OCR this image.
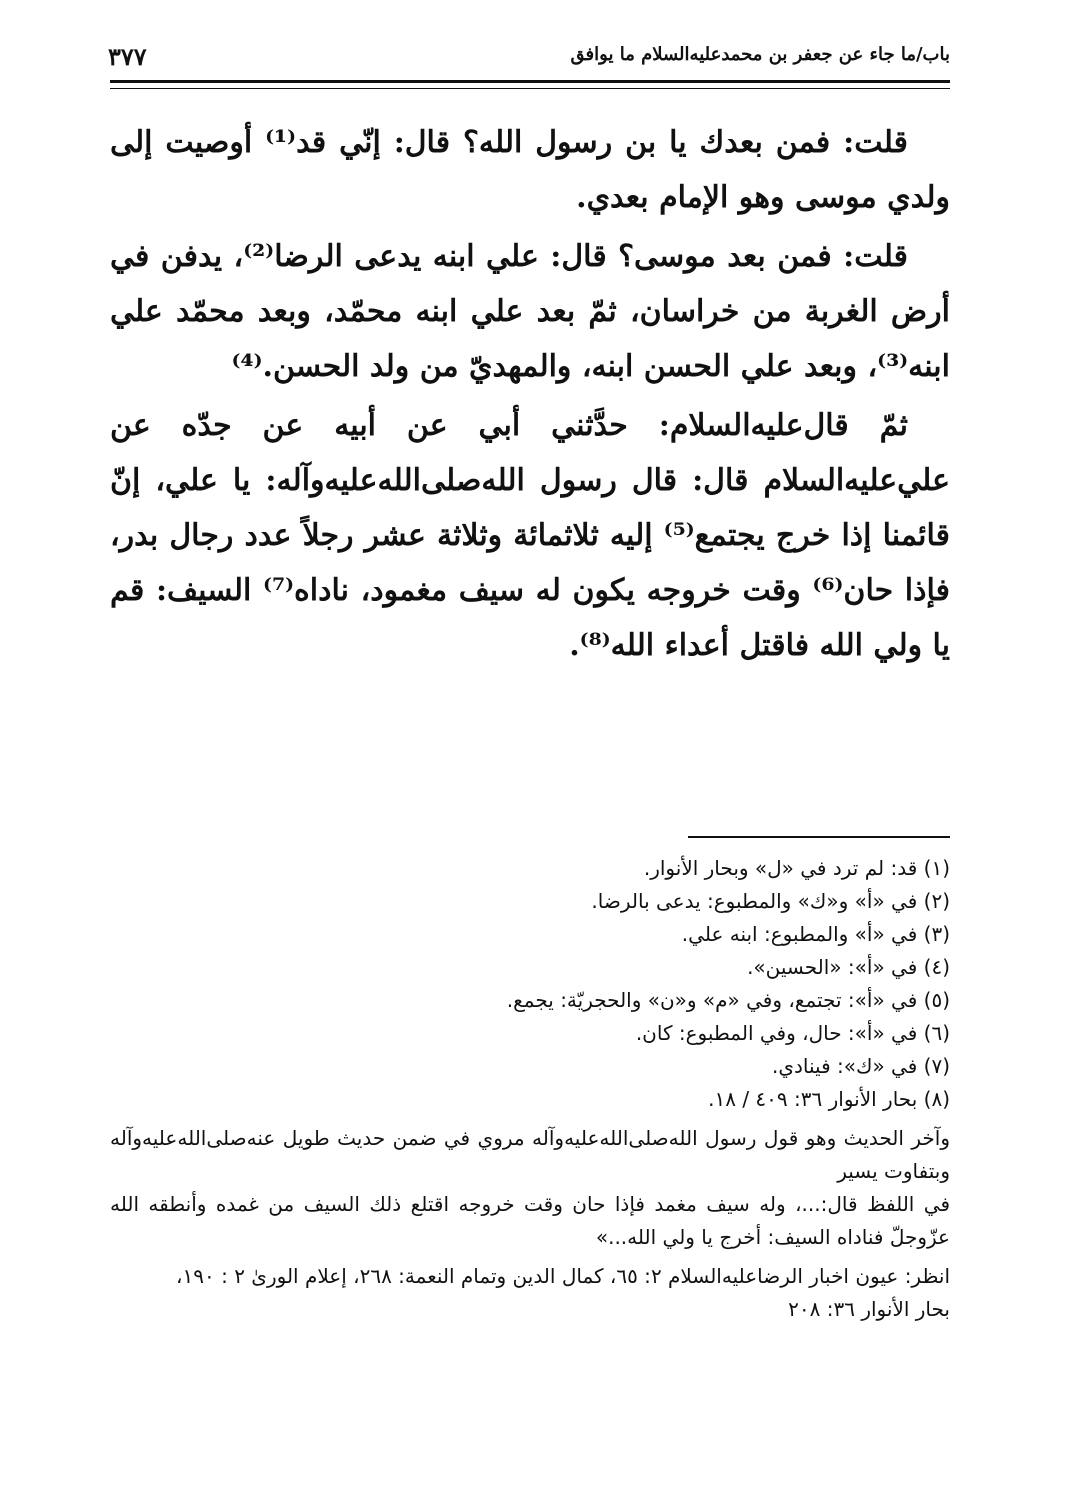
باب/ما جاء عن جعفر بن محمدعليه‌السلام ما يوافق
٣٧٧

قلت: فمن بعدك يا بن رسول الله؟ قال: إنّي قد⁽¹⁾ أوصيت إلى ولدي موسى وهو الإمام بعدي.

قلت: فمن بعد موسى؟ قال: علي ابنه يدعى الرضا⁽²⁾، يدفن في أرض الغربة من خراسان، ثمّ بعد علي ابنه محمّد، وبعد محمّد علي ابنه⁽³⁾، وبعد علي الحسن ابنه، والمهديّ من ولد الحسن.⁽⁴⁾

ثمّ قال‌عليه‌السلام: حدَّثني أبي عن أبيه عن جدّه عن علي‌عليه‌السلام قال: قال رسول الله‌صلى‌الله‌عليه‌وآله: يا علي، إنّ قائمنا إذا خرج يجتمع⁽⁵⁾ إليه ثلاثمائة وثلاثة عشر رجلاً عدد رجال بدر، فإذا حان⁽⁶⁾ وقت خروجه يكون له سيف مغمود، ناداه⁽⁷⁾ السيف: قم يا ولي الله فاقتل أعداء الله⁽⁸⁾.

(١) قد: لم ترد في «ل» وبحار الأنوار.
(٢) في «أ» و«ك» والمطبوع: يدعى بالرضا.
(٣) في «أ» والمطبوع: ابنه علي.
(٤) في «أ»: «الحسين».
(٥) في «أ»: تجتمع، وفي «م» و«ن» والحجريّة: يجمع.
(٦) في «أ»: حال، وفي المطبوع: كان.
(٧) في «ك»: فينادي.
(٨) بحار الأنوار ٣٦: ٤٠٩ / ١٨.

وآخر الحديث وهو قول رسول الله‌صلى‌الله‌عليه‌وآله مروي في ضمن حديث طويل عنه‌صلى‌الله‌عليه‌وآله وبتفاوت يسير

في اللفظ قال:...، وله سيف مغمد فإذا حان وقت خروجه اقتلع ذلك السيف من غمده وأنطقه الله عزّوجلّ فناداه السيف: أخرج يا ولي الله...»

انظر: عيون اخبار الرضاعليه‌السلام ٢: ٦٥، كمال الدين وتمام النعمة: ٢٦٨، إعلام الورىٰ ٢ : ١٩٠،

بحار الأنوار ٣٦: ٢٠٨
